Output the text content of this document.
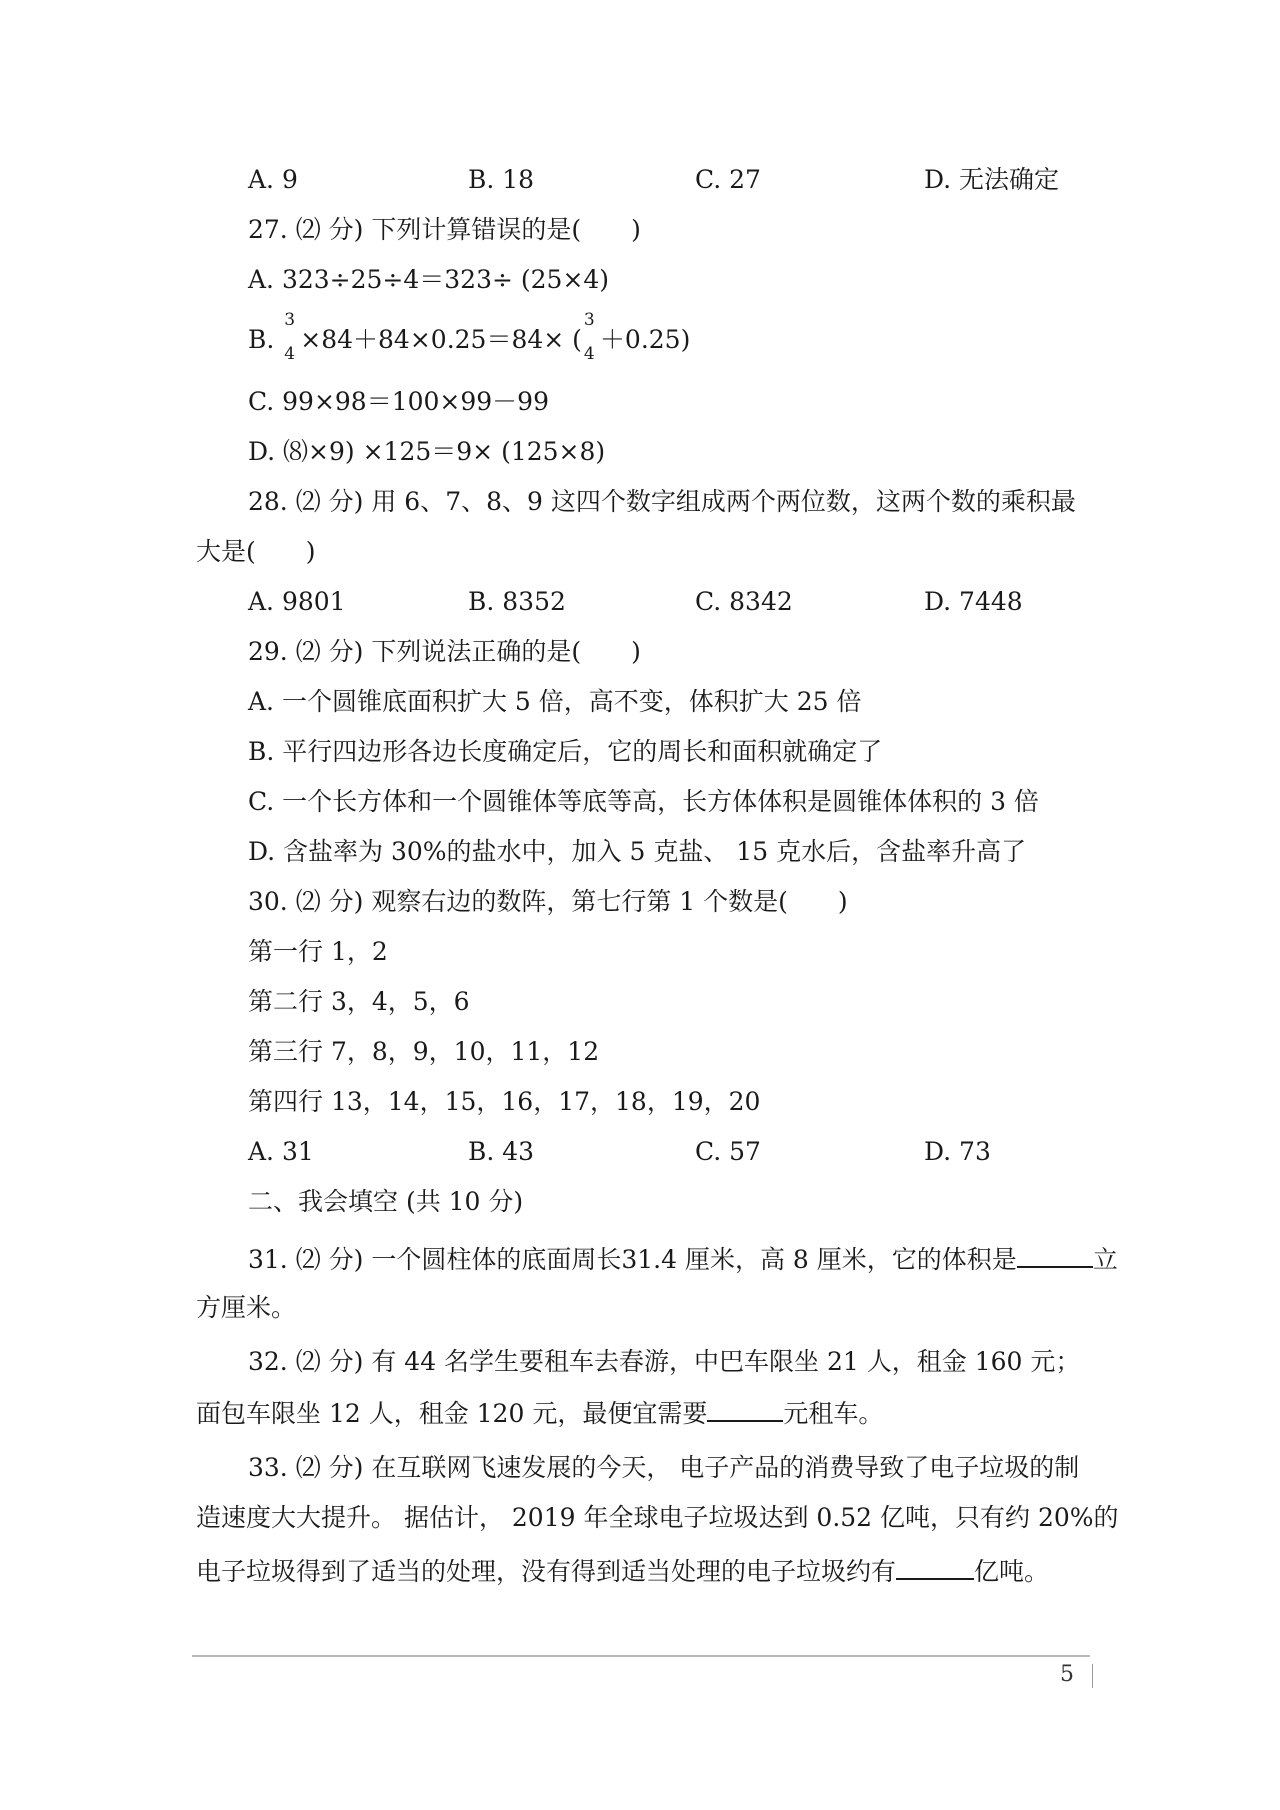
A. 9	B. 18	C. 27	D. 无法确定
27. ⑵ 分) 下列计算错误的是(　　)
A. 323÷25÷4＝323÷ (25×4)
B.
3
4 ×84＋84×0.25＝84× (
3
4 ＋0.25)
C. 99×98＝100×99－99
D. ⑻×9) ×125＝9× (125×8)
28. ⑵ 分) 用 6、7、8、9 这四个数字组成两个两位数，这两个数的乘积最
大是(　　)
A. 9801	B. 8352	C. 8342	D. 7448
29. ⑵ 分) 下列说法正确的是(　　)
A. 一个圆锥底面积扩大 5 倍，高不变，体积扩大 25 倍
B. 平行四边形各边长度确定后，它的周长和面积就确定了
C. 一个长方体和一个圆锥体等底等高，长方体体积是圆锥体体积的 3 倍
D. 含盐率为 30%的盐水中，加入 5 克盐、 15 克水后，含盐率升高了
30. ⑵ 分) 观察右边的数阵，第七行第 1 个数是(　　)
第一行 1，2
第二行 3，4，5，6
第三行 7，8，9，10，11，12
第四行 13，14，15，16，17，18，19，20
A. 31	B. 43	C. 57	D. 73
二、我会填空 (共 10 分)
31. ⑵ 分) 一个圆柱体的底面周长31.4 厘米，高 8 厘米，它的体积是	立
方厘米。
32. ⑵ 分) 有 44 名学生要租车去春游，中巴车限坐 21 人，租金 160 元；
面包车限坐 12 人，租金 120 元，最便宜需要	元租车。
33. ⑵ 分) 在互联网飞速发展的今天， 电子产品的消费导致了电子垃圾的制
造速度大大提升。 据估计， 2019 年全球电子垃圾达到 0.52 亿吨，只有约 20%的
电子垃圾得到了适当的处理，没有得到适当处理的电子垃圾约有	亿吨。
5
